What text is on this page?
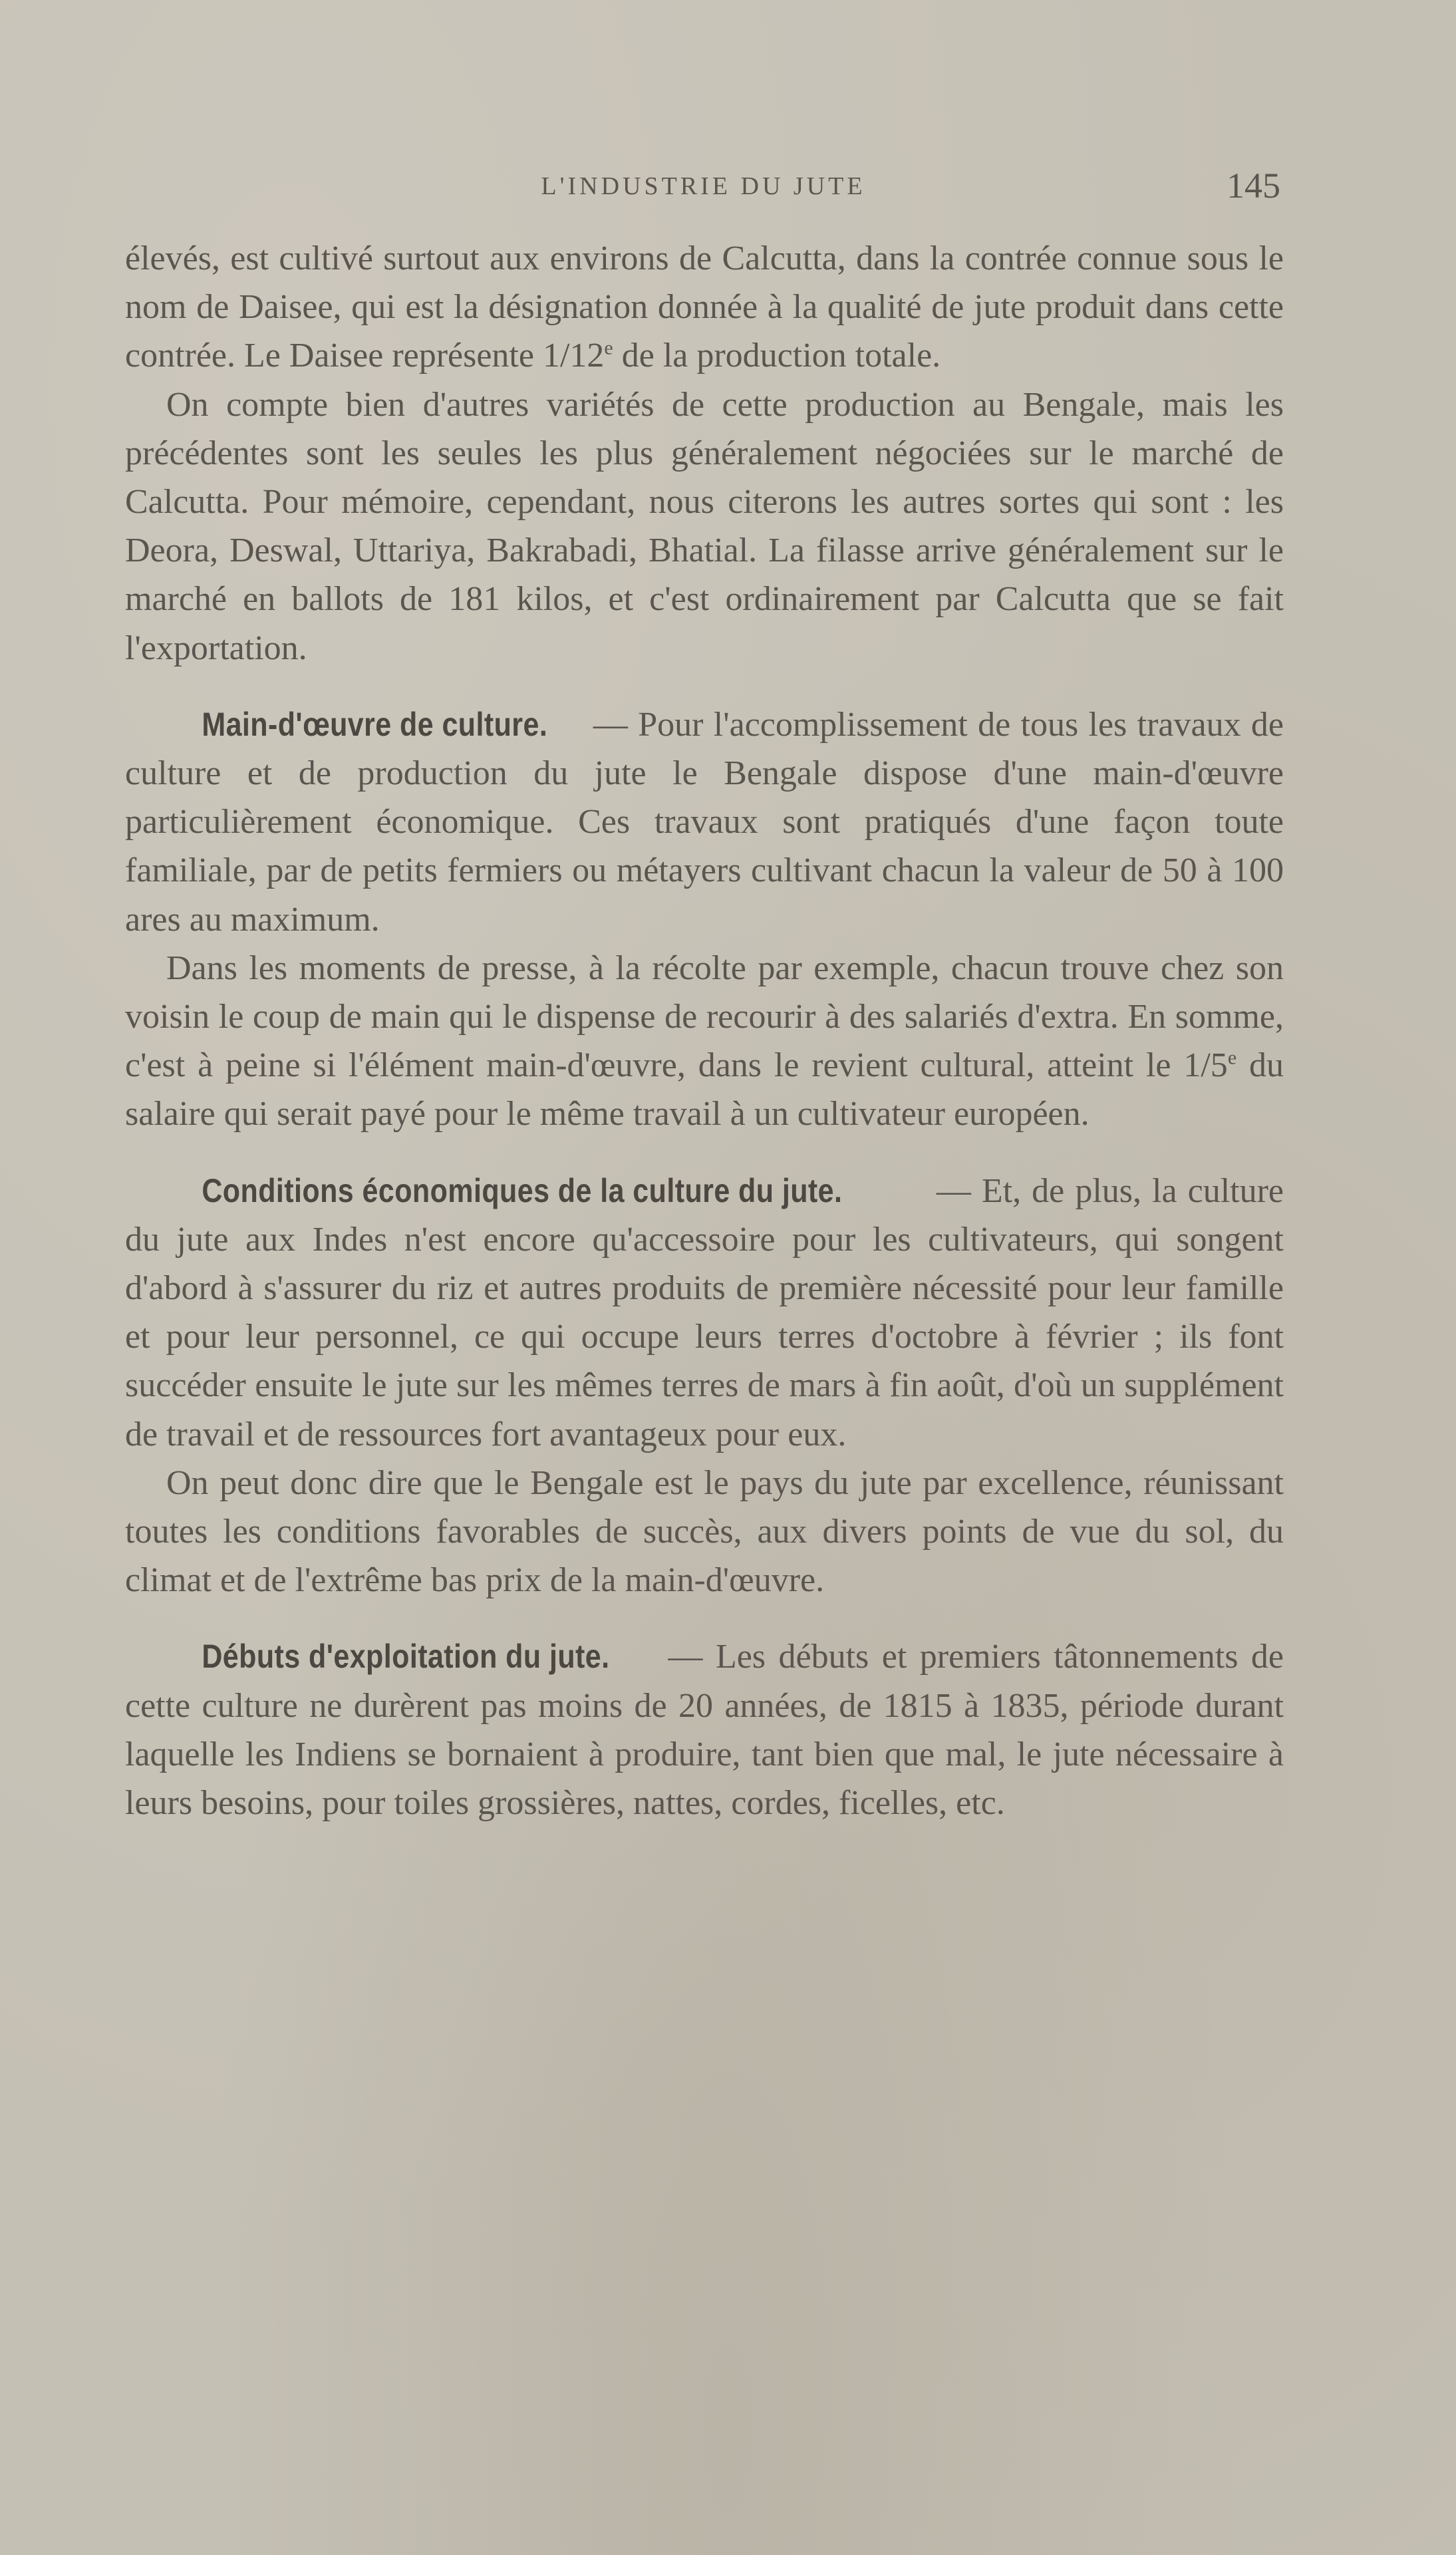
L'INDUSTRIE DU JUTE	145

élevés, est cultivé surtout aux environs de Calcutta, dans la contrée connue sous le nom de Daisee, qui est la désignation donnée à la qualité de jute produit dans cette contrée. Le Daisee représente 1/12e de la production totale.

On compte bien d'autres variétés de cette production au Bengale, mais les précédentes sont les seules les plus généralement négociées sur le marché de Calcutta. Pour mémoire, cependant, nous citerons les autres sortes qui sont : les Deora, Deswal, Uttariya, Bakrabadi, Bhatial. La filasse arrive généralement sur le marché en ballots de 181 kilos, et c'est ordinairement par Calcutta que se fait l'exportation.

Main-d'œuvre de culture. — Pour l'accomplissement de tous les travaux de culture et de production du jute le Bengale dispose d'une main-d'œuvre particulièrement économique. Ces travaux sont pratiqués d'une façon toute familiale, par de petits fermiers ou métayers cultivant chacun la valeur de 50 à 100 ares au maximum.

Dans les moments de presse, à la récolte par exemple, chacun trouve chez son voisin le coup de main qui le dispense de recourir à des salariés d'extra. En somme, c'est à peine si l'élément main-d'œuvre, dans le revient cultural, atteint le 1/5e du salaire qui serait payé pour le même travail à un cultivateur européen.

Conditions économiques de la culture du jute. — Et, de plus, la culture du jute aux Indes n'est encore qu'accessoire pour les cultivateurs, qui songent d'abord à s'assurer du riz et autres produits de première nécessité pour leur famille et pour leur personnel, ce qui occupe leurs terres d'octobre à février ; ils font succéder ensuite le jute sur les mêmes terres de mars à fin août, d'où un supplément de travail et de ressources fort avantageux pour eux.

On peut donc dire que le Bengale est le pays du jute par excellence, réunissant toutes les conditions favorables de succès, aux divers points de vue du sol, du climat et de l'extrême bas prix de la main-d'œuvre.

Débuts d'exploitation du jute. — Les débuts et premiers tâtonnements de cette culture ne durèrent pas moins de 20 années, de 1815 à 1835, période durant laquelle les Indiens se bornaient à produire, tant bien que mal, le jute nécessaire à leurs besoins, pour toiles grossières, nattes, cordes, ficelles, etc.
